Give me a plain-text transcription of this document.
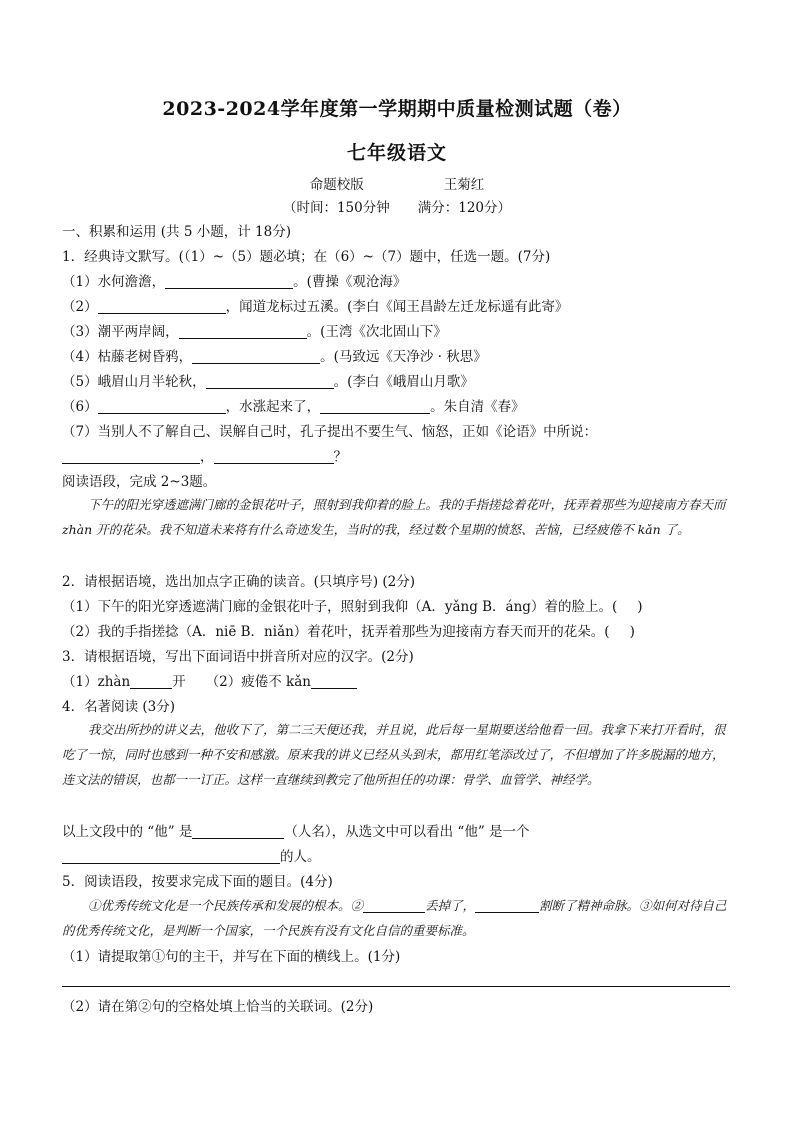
2023-2024学年度第一学期期中质量检测试题（卷）
七年级语文
命题校版	王菊红
（时间：150分钟 满分：120分）
一、积累和运用 (共 5 小题，计 18分)
1．经典诗文默写。(（1）~（5）题必填；在（6）~（7）题中，任选一题。(7分)
（1）水何澹澹，	。(曹操《观沧海》
（2）	，闻道龙标过五溪。(李白《闻王昌龄左迁龙标遥有此寄》
（3）潮平两岸阔，	。(王湾《次北固山下》
（4）枯藤老树昏鸦，	。(马致远《天净沙 · 秋思》
（5）峨眉山月半轮秋，	。(李白《峨眉山月歌》
（6）	，水涨起来了，	。朱自清《春》
（7）当别人不了解自己、误解自己时，孔子提出不要生气、恼怒，正如《论语》中所说：
，	？
阅读语段，完成 2~3题。
下午的阳光穿透遮满门廊的金银花叶子，照射到我仰着的脸上。我的手指搓捻着花叶，抚弄着那些为迎接南方春天而 zhàn 开的花朵。我不知道未来将有什么奇迹发生，当时的我，经过数个星期的愤怒、苦恼，已经疲倦不 kǎn 了。
2．请根据语境，选出加点字正确的读音。(只填序号) (2分)
（1）下午的阳光穿透遮满门廊的金银花叶子，照射到我仰（A．yǎng B．áng）着的脸上。( )
（2）我的手指搓捻（A．niē B．niǎn）着花叶，抚弄着那些为迎接南方春天而开的花朵。( )
3．请根据语境，写出下面词语中拼音所对应的汉字。(2分)
（1）zhàn	开 （2）疲倦不 kǎn
4．名著阅读 (3分)
我交出所抄的讲义去，他收下了，第二三天便还我，并且说，此后每一星期要送给他看一回。我拿下来打开看时，很吃了一惊，同时也感到一种不安和感激。原来我的讲义已经从头到末，都用红笔添改过了，不但增加了许多脱漏的地方，连文法的错误，也都一一订正。这样一直继续到教完了他所担任的功课：骨学、血管学、神经学。
以上文段中的 “他” 是	（人名），从选文中可以看出 “他” 是一个
的人。
5．阅读语段，按要求完成下面的题目。(4分)
①优秀传统文化是一个民族传承和发展的根本。②	丢掉了，	割断了精神命脉。③如何对待自己的优秀传统文化，是判断一个国家，一个民族有没有文化自信的重要标准。
（1）请提取第①句的主干，并写在下面的横线上。(1分)
（2）请在第②句的空格处填上恰当的关联词。(2分)
